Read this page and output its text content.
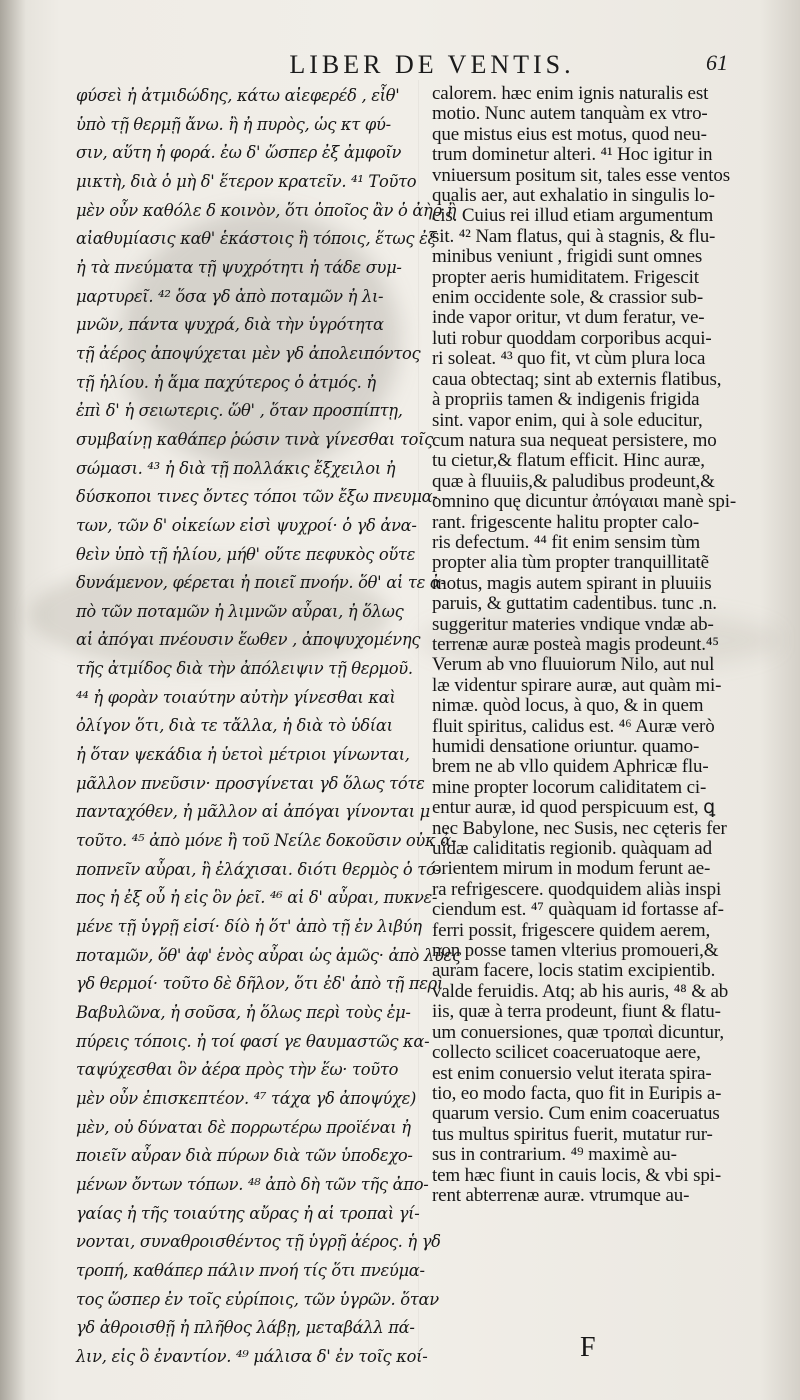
LIBER DE VENTIS.	61
φύσεὶ ἠ ἀτμιδώδης, κάτω αἰεφερέδ , εἶθ'
ὑπὸ τῇ θερμῇ ἄνω. ἢ ἠ πυρὸς, ὡς κτ φύ-
σιν, αὕτη ἡ φορά. ἐω δ' ὥσπερ ἐξ ἀμφοῖν
μικτὴ, διὰ ὁ μὴ δ' ἕτερον κρατεῖν. ⁴¹ Τοῦτο
μὲν οὖν καθόλε δ κοινὸν, ὅτι ὁποῖος ἂν ὁ ἀὴρ ἢ
αἰαθυμίασις καθ' ἑκάστοις ἢ τόποις, ἕτως ἐξ
ἠ τὰ πνεύματα τῇ ψυχρότητι ἠ τάδε συμ-
μαρτυρεῖ. ⁴² ὅσα γδ ἀπὸ ποταμῶν ἠ λι-
μνῶν, πάντα ψυχρά, διὰ τὴν ὑγρότητα
τῇ ἀέρος ἀποψύχεται μὲν γδ ἀπολειπόντος
τῇ ἡλίου. ἠ ἅμα παχύτερος ὁ ἀτμός. ἠ
ἐπὶ δ' ἡ σειωτερις. ὥθ' , ὅταν προσπίπτῃ,
συμβαίνῃ καθάπερ ῥώσιν τινὰ γίνεσθαι τοῖς
σώμασι. ⁴³ ἠ διὰ τῇ πολλάκις ἔξχειλοι ἠ
δύσκοποι τινες ὄντες τόποι τῶν ἔξω πνευμα-
των, τῶν δ' οἰκείων εἰσὶ ψυχροί· ὁ γδ ἀνα-
θεὶν ὑπὸ τῇ ἡλίου, μήθ' οὕτε πεφυκὸς οὕτε
δυνάμενον, φέρεται ἠ ποιεῖ πνοήν. ὅθ' αἱ τε ἀ-
πὸ τῶν ποταμῶν ἠ λιμνῶν αὖραι, ἠ ὅλως
αἱ ἀπόγαι πνέουσιν ἕωθεν , ἀποψυχομένης
τῆς ἀτμίδος διὰ τὴν ἀπόλειψιν τῇ θερμοῦ.
⁴⁴ ἠ φορὰν τοιαύτην αὐτὴν γίνεσθαι καὶ
ὀλίγον ὅτι, διὰ τε τἄλλα, ἠ διὰ τὸ ὑδίαι
ἠ ὅταν ψεκάδια ἠ ὑετοὶ μέτριοι γίνωνται,
μᾶλλον πνεῦσιν· προσγίνεται γδ ὅλως τότε
πανταχόθεν, ἠ μᾶλλον αἱ ἀπόγαι γίνονται μ
τοῦτο. ⁴⁵ ἀπὸ μόνε ἢ τοῦ Νείλε δοκοῦσιν οὐκ ἀ-
ποπνεῖν αὖραι, ἢ ἐλάχισαι. διότι θερμὸς ὁ τό-
πος ἠ ἐξ οὗ ἠ εἰς ὃν ῥεῖ. ⁴⁶ αἱ δ' αὖραι, πυκνε-
μένε τῇ ὑγρῇ εἰσί· δίὸ ἠ ὅτ' ἀπὸ τῇ ἐν λιβύη
ποταμῶν, ὅθ' ἀφ' ἑνὸς αὖραι ὡς ἀμῶς· ἀπὸ λύες
γδ θερμοί· τοῦτο δὲ δῆλον, ὅτι ἐδ' ἀπὸ τῇ περὶ
Βαβυλῶνα, ἠ σοῦσα, ἠ ὅλως περὶ τοὺς ἐμ-
πύρεις τόποις. ἠ τοί φασί γε θαυμαστῶς κα-
ταψύχεσθαι ὃν ἀέρα πρὸς τὴν ἕω· τοῦτο
μὲν οὖν ἐπισκεπτέον. ⁴⁷ τάχα γδ ἀποψύχε)
μὲν, οὐ δύναται δὲ πορρωτέρω προϊέναι ἠ
ποιεῖν αὖραν διὰ πύρων διὰ τῶν ὑποδεχο-
μένων ὄντων τόπων. ⁴⁸ ἀπὸ δὴ τῶν τῆς ἀπο-
γαίας ἠ τῆς τοιαύτης αὔρας ἠ αἱ τροπαὶ γί-
νονται, συναθροισθέντος τῇ ὑγρῇ ἀέρος. ἡ γδ
τροπή, καθάπερ πάλιν πνοή τίς ὅτι πνεύμα-
τος ὥσπερ ἐν τοῖς εὐρίποις, τῶν ὑγρῶν. ὅταν
γδ ἀθροισθῇ ἠ πλῆθος λάβῃ, μεταβάλλ πά-
λιν, εἰς ὃ ἐναντίον. ⁴⁹ μάλισα δ' ἐν τοῖς κοί-
calorem. hæc enim ignis naturalis est
motio. Nunc autem tanquàm ex vtro-
que mistus eius est motus, quod neu-
trum dominetur alteri. ⁴¹ Hoc igitur in
vniuersum positum sit, tales esse ventos
qualis aer, aut exhalatio in singulis lo-
cis. Cuius rei illud etiam argumentum
sit. ⁴² Nam flatus, qui à stagnis, & flu-
minibus veniunt , frigidi sunt omnes
propter aeris humiditatem. Frigescit
enim occidente sole, & crassior sub-
inde vapor oritur, vt dum feratur, ve-
luti robur quoddam corporibus acqui-
ri soleat. ⁴³ quo fit, vt cùm plura loca
caua obtectaq; sint ab externis flatibus,
à propriis tamen & indigenis frigida
sint. vapor enim, qui à sole educitur,
cum natura sua nequeat persistere, mo
tu cietur,& flatum efficit. Hinc auræ,
quæ à fluuiis,& paludibus prodeunt,&
omnino quę dicuntur ἀπόγαιαι manè spi-
rant. frigescente halitu propter calo-
ris defectum. ⁴⁴ fit enim sensim tùm
propter alia tùm propter tranquillitatẽ
motus, magis autem spirant in pluuiis
paruis, & guttatim cadentibus. tunc .n.
suggeritur materies vndique vndæ ab-
terrenæ auræ posteà magis prodeunt.⁴⁵
Verum ab vno fluuiorum Nilo, aut nul
læ videntur spirare auræ, aut quàm mi-
nimæ. quòd locus, à quo, & in quem
fluit spiritus, calidus est. ⁴⁶ Auræ verò
humidi densatione oriuntur. quamo-
brem ne ab vllo quidem Aphricæ flu-
mine propter locorum caliditatem ci-
entur auræ, id quod perspicuum est, ꝗ
nec Babylone, nec Susis, nec cęteris fer
uidæ caliditatis regionib. quàquam ad
orientem mirum in modum ferunt ae-
ra refrigescere. quodquidem aliàs inspi
ciendum est. ⁴⁷ quàquam id fortasse af-
ferri possit, frigescere quidem aerem,
non posse tamen vlterius promoueri,&
auram facere, locis statim excipientib.
valde feruidis. Atq; ab his auris, ⁴⁸ & ab
iis, quæ à terra prodeunt, fiunt & flatu-
um conuersiones, quæ τροπαὶ dicuntur,
collecto scilicet coaceruatoque aere,
est enim conuersio velut iterata spira-
tio, eo modo facta, quo fit in Euripis a-
quarum versio. Cum enim coaceruatus
tus multus spiritus fuerit, mutatur rur-
sus in contrarium. ⁴⁹ maximè au-
tem hæc fiunt in cauis locis, & vbi spi-
rent abterrenæ auræ. vtrumque au-
F
